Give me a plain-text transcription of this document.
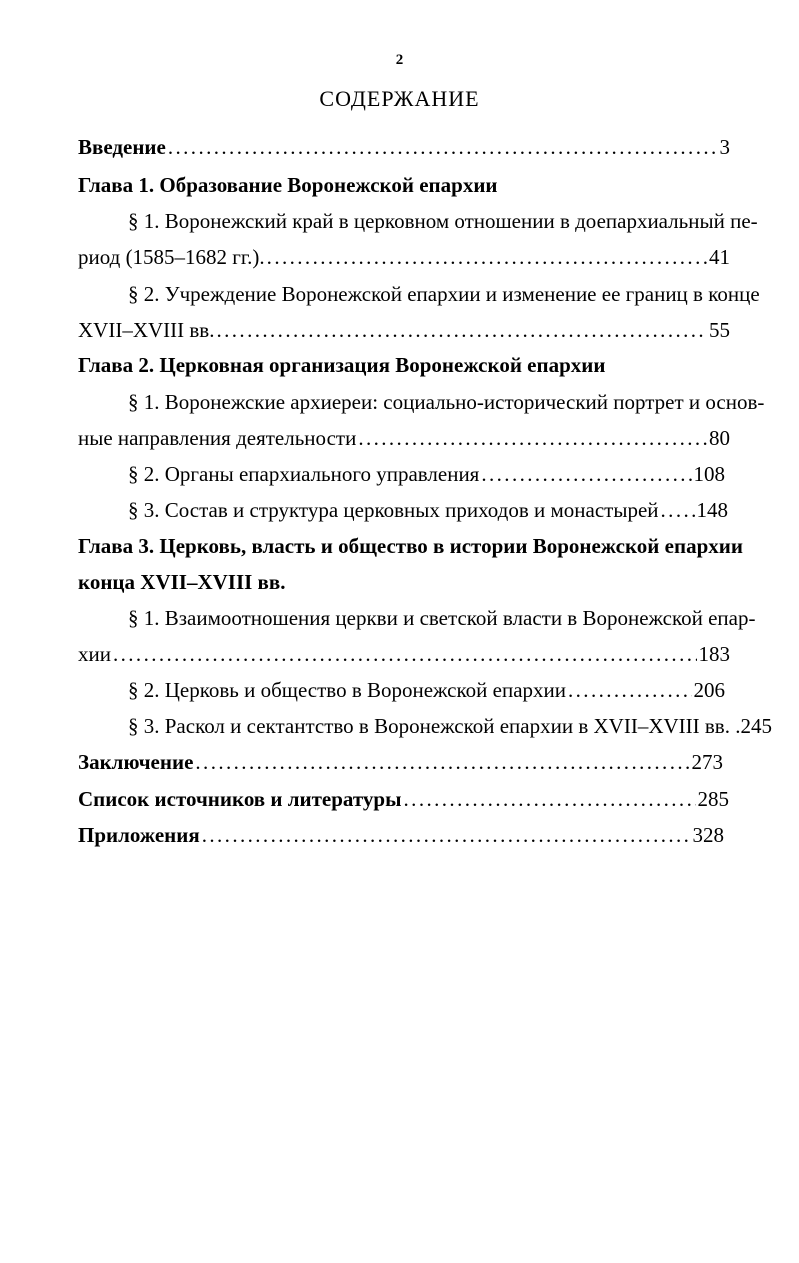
2
СОДЕРЖАНИЕ
Введение .....	3
Глава 1. Образование Воронежской епархии
§ 1. Воронежский край в церковном отношении в доепархиальный пе-
риод (1585–1682 гг.). .....	41
§ 2. Учреждение Воронежской епархии и изменение ее границ в конце
XVII–XVIII вв. .....	55
Глава 2. Церковная организация Воронежской епархии
§ 1. Воронежские архиереи: социально-исторический портрет и основ-
ные направления деятельности .....	80
§ 2. Органы епархиального управления .....	108
§ 3. Состав и структура церковных приходов и монастырей ..... 148
Глава 3. Церковь, власть и общество в истории Воронежской епархии
конца XVII–XVIII вв.
§ 1. Взаимоотношения церкви и светской власти в Воронежской епар-
хии .....	183
§ 2. Церковь и общество в Воронежской епархии .....	206
§ 3. Раскол и сектантство в Воронежской епархии в XVII–XVIII вв. .245
Заключение .....	273
Список источников и литературы .....	285
Приложения .....	328
